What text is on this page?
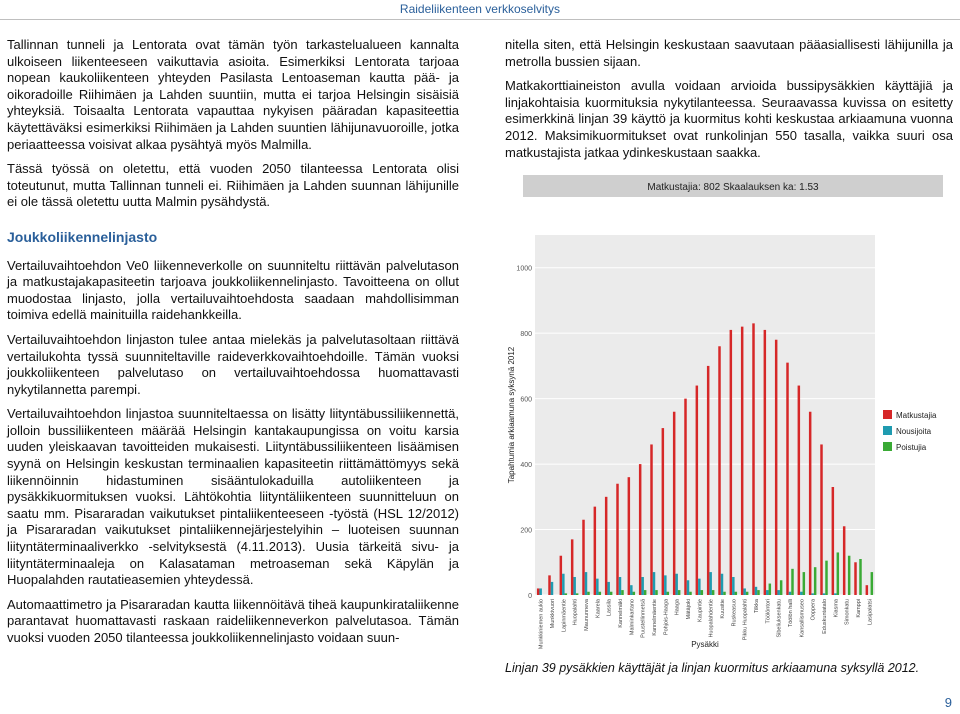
Raideliikenteen verkkoselvitys

Tallinnan tunneli ja Lentorata ovat tämän työn tarkastelualueen kannalta ulkoiseen liikenteeseen vaikuttavia asioita. Esimerkiksi Lentorata tarjoaa nopean kaukoliikenteen yhteyden Pasilasta Lentoaseman kautta pää- ja oikoradoille Riihimäen ja Lahden suuntiin, mutta ei tarjoa Helsingin sisäisiä yhteyksiä. Toisaalta Lentorata vapauttaa nykyisen pääradan kapasiteettia käytettäväksi esimerkiksi Riihimäen ja Lahden suuntien lähijunavuoroille, jotka periaatteessa voisivat alkaa pysähtyä myös Malmilla.

Tässä työssä on oletettu, että vuoden 2050 tilanteessa Lentorata olisi toteutunut, mutta Tallinnan tunneli ei. Riihimäen ja Lahden suunnan lähijunille ei ole tässä oletettu uutta Malmin pysähdystä.

Joukkoliikennelinjasto

Vertailuvaihtoehdon Ve0 liikenneverkolle on suunniteltu riittävän palvelutason ja matkustajakapasiteetin tarjoava joukkoliikennelinjasto. Tavoitteena on ollut muodostaa linjasto, jolla vertailuvaihtoehdosta saadaan mahdollisimman toimiva edellä mainituilla raidehankkeilla.

Vertailuvaihtoehdon linjaston tulee antaa mielekäs ja palvelutasoltaan riittävä vertailukohta tyssä suunniteltaville raideverkkovaihtoehdoille. Tämän vuoksi joukkoliikenteen palvelutaso on vertailuvaihtoehdossa huomattavasti nykytilannetta parempi.

Vertailuvaihtoehdon linjastoa suunniteltaessa on lisätty liityntäbussiliikennettä, jolloin bussiliikenteen määrää Helsingin kantakaupungissa on voitu karsia uuden yleiskaavan tavoitteiden mukaisesti. Liityntäbussiliikenteen lisäämisen syynä on Helsingin keskustan terminaalien kapasiteetin riittämättömyys sekä liikennöinnin hidastuminen sisääntulokaduilla autoliikenteen ja pysäkkikuormituksen vuoksi. Lähtökohtia liityntäliikenteen suunnitteluun on saatu mm. Pisararadan vaikutukset pintaliikenteeseen -työstä (HSL 12/2012) ja Pisararadan vaikutukset pintaliikennejärjestelyihin – luoteisen suunnan liityntäterminaaliverkko -selvityksestä (4.11.2013). Uusia tärkeitä sivu- ja liityntäterminaaleja on Kalasataman metroaseman sekä Käpylän ja Huopalahden rautatieasemien yhteydessä.

Automaattimetro ja Pisararadan kautta liikennöitävä tiheä kaupunkirataliikenne parantavat huomattavasti raskaan raideliikenneverkon palvelutasoa. Tämän vuoksi vuoden 2050 tilanteessa joukkoliikennelinjasto voidaan suun-

nitella siten, että Helsingin keskustaan saavutaan pääasiallisesti lähijunilla ja metrolla bussien sijaan.

Matkakorttiaineiston avulla voidaan arvioida bussipysäkkien käyttäjiä ja linjakohtaisia kuormituksia nykytilanteessa. Seuraavassa kuvissa on esitetty esimerkkinä linjan 39 käyttö ja kuormitus kohti keskustaa arkiaamuna vuonna 2012. Maksimikuormitukset ovat runkolinjan 550 tasalla, vaikka suuri osa matkustajista jatkaa ydinkeskustaan saakka.

Matkustajia: 802 Skaalauksen ka: 1.53
0
200
400
600
800
1000
Tapahtumia arkiaamuna syksynä 2012
Munkkiniemen aukio Munkkivuori Lapinmäentie Huopalahti Maununneva Kaarela Lassila Kannelmäki Malminkartano Puustellinmetsä Kannelmäentie Pohjois-Haaga Haaga Mätäjoki Kaupintie Huopalahdentie Kuusitie Ruskeasuo Pikku Huopalahti Tilkka Töölöntori Sibeliuksenkatu Töölön halli Kansallismuseo Ooppera Eduskuntatalo Kiasma Simonkatu Kamppi Lasipalatsi
Pysäkki
Matkustajia
Nousijoita
Poistujia
Linjan 39 pysäkkien käyttäjät ja linjan kuormitus arkiaamuna syksyllä 2012.
9
